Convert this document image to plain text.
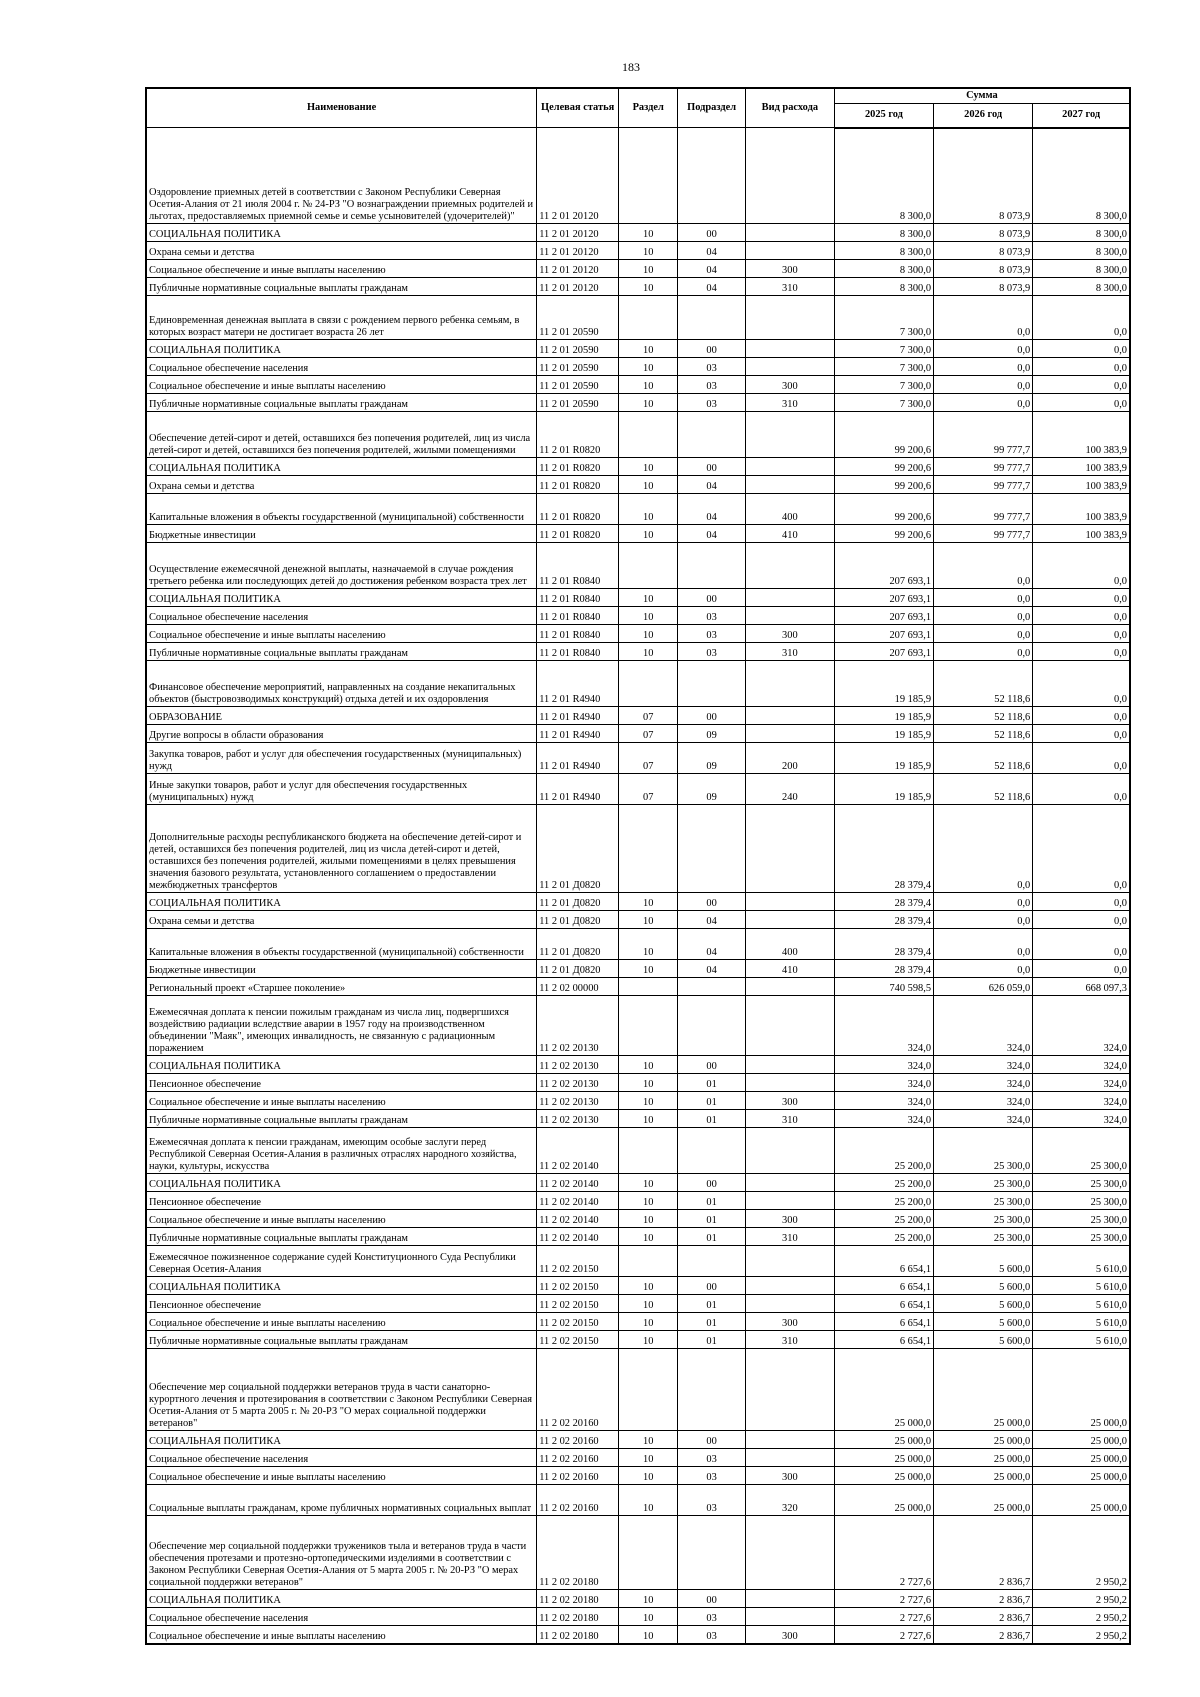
183
Наименование	Целевая статья	Раздел	Подраздел	Вид расхода	Сумма		
					2025 год	2026 год	2027 год
Оздоровление приемных детей в соответствии с Законом Республики Северная Осетия-Алания от 21 июля 2004 г. № 24-РЗ "О вознаграждении приемных родителей и льготах, предоставляемых приемной семье и семье усыновителей (удочерителей)"	11 2 01 20120				8 300,0	8 073,9	8 300,0
СОЦИАЛЬНАЯ ПОЛИТИКА	11 2 01 20120	10	00		8 300,0	8 073,9	8 300,0
Охрана семьи и детства	11 2 01 20120	10	04		8 300,0	8 073,9	8 300,0
Социальное обеспечение и иные выплаты населению	11 2 01 20120	10	04	300	8 300,0	8 073,9	8 300,0
Публичные нормативные социальные выплаты гражданам	11 2 01 20120	10	04	310	8 300,0	8 073,9	8 300,0
Единовременная денежная выплата в связи с рождением первого ребенка семьям, в которых возраст матери не достигает возраста 26 лет	11 2 01 20590				7 300,0	0,0	0,0
СОЦИАЛЬНАЯ ПОЛИТИКА	11 2 01 20590	10	00		7 300,0	0,0	0,0
Социальное обеспечение населения	11 2 01 20590	10	03		7 300,0	0,0	0,0
Социальное обеспечение и иные выплаты населению	11 2 01 20590	10	03	300	7 300,0	0,0	0,0
Публичные нормативные социальные выплаты гражданам	11 2 01 20590	10	03	310	7 300,0	0,0	0,0
Обеспечение детей-сирот и детей, оставшихся без попечения родителей, лиц из числа детей-сирот и детей, оставшихся без попечения родителей, жилыми помещениями	11 2 01 R0820				99 200,6	99 777,7	100 383,9
СОЦИАЛЬНАЯ ПОЛИТИКА	11 2 01 R0820	10	00		99 200,6	99 777,7	100 383,9
Охрана семьи и детства	11 2 01 R0820	10	04		99 200,6	99 777,7	100 383,9
Капитальные вложения в объекты государственной (муниципальной) собственности	11 2 01 R0820	10	04	400	99 200,6	99 777,7	100 383,9
Бюджетные инвестиции	11 2 01 R0820	10	04	410	99 200,6	99 777,7	100 383,9
Осуществление ежемесячной денежной выплаты, назначаемой в случае рождения третьего ребенка или последующих детей до достижения ребенком возраста трех лет	11 2 01 R0840				207 693,1	0,0	0,0
СОЦИАЛЬНАЯ ПОЛИТИКА	11 2 01 R0840	10	00		207 693,1	0,0	0,0
Социальное обеспечение населения	11 2 01 R0840	10	03		207 693,1	0,0	0,0
Социальное обеспечение и иные выплаты населению	11 2 01 R0840	10	03	300	207 693,1	0,0	0,0
Публичные нормативные социальные выплаты гражданам	11 2 01 R0840	10	03	310	207 693,1	0,0	0,0
Финансовое обеспечение мероприятий, направленных на создание некапитальных объектов (быстровозводимых конструкций) отдыха детей и их оздоровления	11 2 01 R4940				19 185,9	52 118,6	0,0
ОБРАЗОВАНИЕ	11 2 01 R4940	07	00		19 185,9	52 118,6	0,0
Другие вопросы в области образования	11 2 01 R4940	07	09		19 185,9	52 118,6	0,0
Закупка товаров, работ и услуг для обеспечения государственных (муниципальных) нужд	11 2 01 R4940	07	09	200	19 185,9	52 118,6	0,0
Иные закупки товаров, работ и услуг для обеспечения государственных (муниципальных) нужд	11 2 01 R4940	07	09	240	19 185,9	52 118,6	0,0
Дополнительные расходы республиканского бюджета на обеспечение детей-сирот и детей, оставшихся без попечения родителей, лиц из числа детей-сирот и детей, оставшихся без попечения родителей, жилыми помещениями в целях превышения значения базового результата, установленного соглашением о предоставлении межбюджетных трансфертов	11 2 01 Д0820				28 379,4	0,0	0,0
СОЦИАЛЬНАЯ ПОЛИТИКА	11 2 01 Д0820	10	00		28 379,4	0,0	0,0
Охрана семьи и детства	11 2 01 Д0820	10	04		28 379,4	0,0	0,0
Капитальные вложения в объекты государственной (муниципальной) собственности	11 2 01 Д0820	10	04	400	28 379,4	0,0	0,0
Бюджетные инвестиции	11 2 01 Д0820	10	04	410	28 379,4	0,0	0,0
Региональный проект «Старшее поколение»	11 2 02 00000				740 598,5	626 059,0	668 097,3
Ежемесячная доплата к пенсии пожилым гражданам из числа лиц, подвергшихся воздействию радиации вследствие аварии в 1957 году на производственном объединении "Маяк", имеющих инвалидность, не связанную с радиационным поражением	11 2 02 20130				324,0	324,0	324,0
СОЦИАЛЬНАЯ ПОЛИТИКА	11 2 02 20130	10	00		324,0	324,0	324,0
Пенсионное обеспечение	11 2 02 20130	10	01		324,0	324,0	324,0
Социальное обеспечение и иные выплаты населению	11 2 02 20130	10	01	300	324,0	324,0	324,0
Публичные нормативные социальные выплаты гражданам	11 2 02 20130	10	01	310	324,0	324,0	324,0
Ежемесячная доплата к пенсии гражданам, имеющим особые заслуги перед Республикой Северная Осетия-Алания в различных отраслях народного хозяйства, науки, культуры, искусства	11 2 02 20140				25 200,0	25 300,0	25 300,0
СОЦИАЛЬНАЯ ПОЛИТИКА	11 2 02 20140	10	00		25 200,0	25 300,0	25 300,0
Пенсионное обеспечение	11 2 02 20140	10	01		25 200,0	25 300,0	25 300,0
Социальное обеспечение и иные выплаты населению	11 2 02 20140	10	01	300	25 200,0	25 300,0	25 300,0
Публичные нормативные социальные выплаты гражданам	11 2 02 20140	10	01	310	25 200,0	25 300,0	25 300,0
Ежемесячное пожизненное содержание судей Конституционного Суда Республики Северная Осетия-Алания	11 2 02 20150				6 654,1	5 600,0	5 610,0
СОЦИАЛЬНАЯ ПОЛИТИКА	11 2 02 20150	10	00		6 654,1	5 600,0	5 610,0
Пенсионное обеспечение	11 2 02 20150	10	01		6 654,1	5 600,0	5 610,0
Социальное обеспечение и иные выплаты населению	11 2 02 20150	10	01	300	6 654,1	5 600,0	5 610,0
Публичные нормативные социальные выплаты гражданам	11 2 02 20150	10	01	310	6 654,1	5 600,0	5 610,0
Обеспечение мер социальной поддержки ветеранов труда в части санаторно-курортного лечения и протезирования в соответствии с Законом Республики Северная Осетия-Алания от 5 марта 2005 г. № 20-РЗ "О мерах социальной поддержки ветеранов"	11 2 02 20160				25 000,0	25 000,0	25 000,0
СОЦИАЛЬНАЯ ПОЛИТИКА	11 2 02 20160	10	00		25 000,0	25 000,0	25 000,0
Социальное обеспечение населения	11 2 02 20160	10	03		25 000,0	25 000,0	25 000,0
Социальное обеспечение и иные выплаты населению	11 2 02 20160	10	03	300	25 000,0	25 000,0	25 000,0
Социальные выплаты гражданам, кроме публичных нормативных социальных выплат	11 2 02 20160	10	03	320	25 000,0	25 000,0	25 000,0
Обеспечение мер социальной поддержки тружеников тыла и ветеранов труда в части обеспечения протезами и протезно-ортопедическими изделиями в соответствии с Законом Республики Северная Осетия-Алания от 5 марта 2005 г. № 20-РЗ "О мерах социальной поддержки ветеранов"	11 2 02 20180				2 727,6	2 836,7	2 950,2
СОЦИАЛЬНАЯ ПОЛИТИКА	11 2 02 20180	10	00		2 727,6	2 836,7	2 950,2
Социальное обеспечение населения	11 2 02 20180	10	03		2 727,6	2 836,7	2 950,2
Социальное обеспечение и иные выплаты населению	11 2 02 20180	10	03	300	2 727,6	2 836,7	2 950,2
